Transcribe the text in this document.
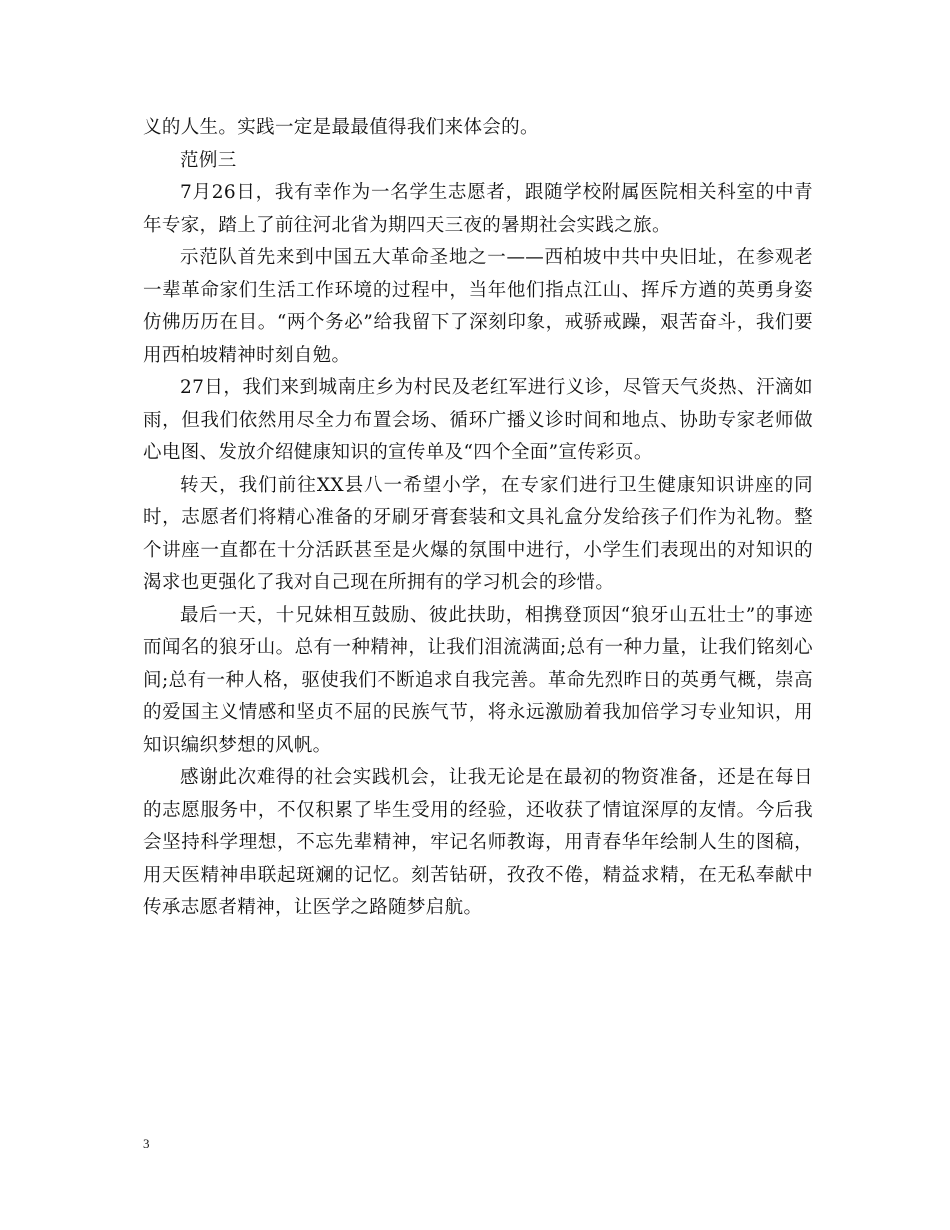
义的人生。实践一定是最最值得我们来体会的。

范例三

7月26日，我有幸作为一名学生志愿者，跟随学校附属医院相关科室的中青年专家，踏上了前往河北省为期四天三夜的暑期社会实践之旅。

示范队首先来到中国五大革命圣地之一——西柏坡中共中央旧址，在参观老一辈革命家们生活工作环境的过程中，当年他们指点江山、挥斥方遒的英勇身姿仿佛历历在目。“两个务必”给我留下了深刻印象，戒骄戒躁，艰苦奋斗，我们要用西柏坡精神时刻自勉。

27日，我们来到城南庄乡为村民及老红军进行义诊，尽管天气炎热、汗滴如雨，但我们依然用尽全力布置会场、循环广播义诊时间和地点、协助专家老师做心电图、发放介绍健康知识的宣传单及“四个全面”宣传彩页。

转天，我们前往XX县八一希望小学，在专家们进行卫生健康知识讲座的同时，志愿者们将精心准备的牙刷牙膏套装和文具礼盒分发给孩子们作为礼物。整个讲座一直都在十分活跃甚至是火爆的氛围中进行，小学生们表现出的对知识的渴求也更强化了我对自己现在所拥有的学习机会的珍惜。

最后一天，十兄妹相互鼓励、彼此扶助，相携登顶因“狼牙山五壮士”的事迹而闻名的狼牙山。总有一种精神，让我们泪流满面;总有一种力量，让我们铭刻心间;总有一种人格，驱使我们不断追求自我完善。革命先烈昨日的英勇气概，崇高的爱国主义情感和坚贞不屈的民族气节，将永远激励着我加倍学习专业知识，用知识编织梦想的风帆。

感谢此次难得的社会实践机会，让我无论是在最初的物资准备，还是在每日的志愿服务中，不仅积累了毕生受用的经验，还收获了情谊深厚的友情。今后我会坚持科学理想，不忘先辈精神，牢记名师教诲，用青春华年绘制人生的图稿，用天医精神串联起斑斓的记忆。刻苦钻研，孜孜不倦，精益求精，在无私奉献中传承志愿者精神，让医学之路随梦启航。

3
